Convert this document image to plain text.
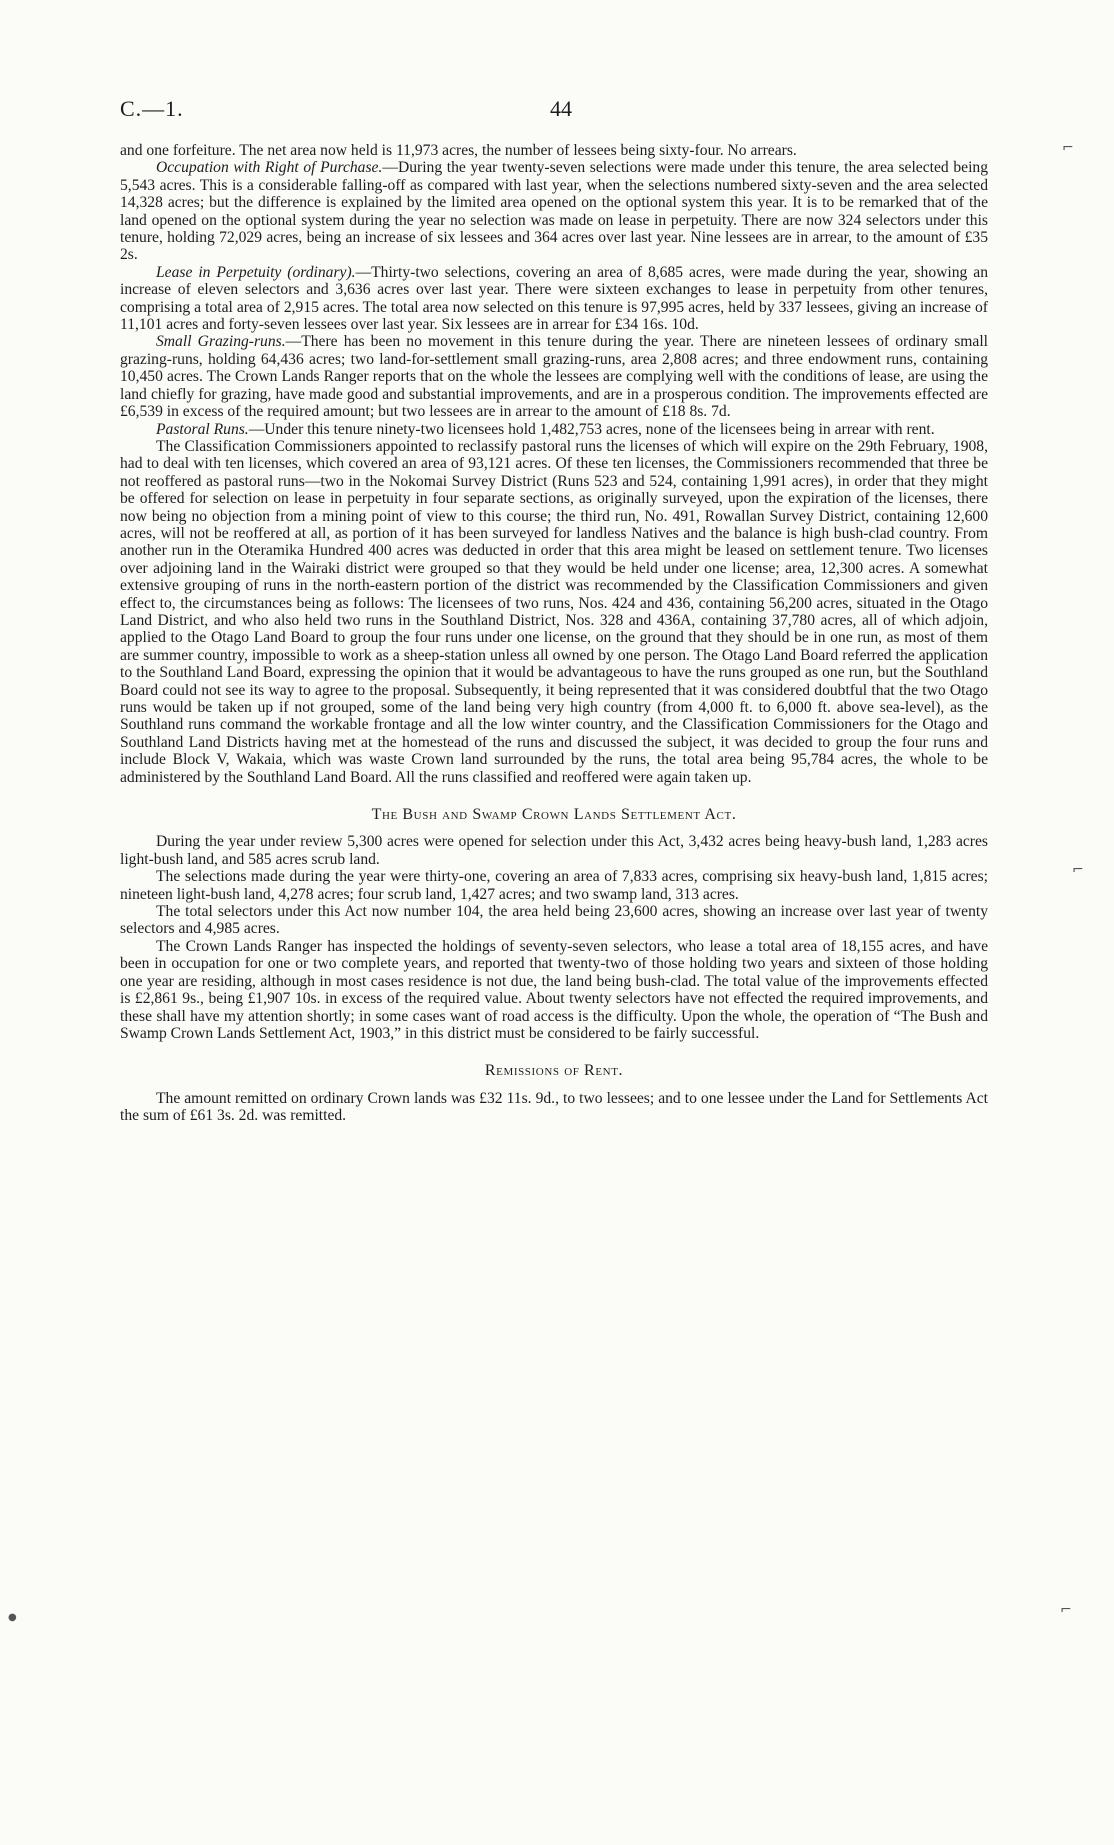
C.—1.	44

and one forfeiture. The net area now held is 11,973 acres, the number of lessees being sixty-four. No arrears.

Occupation with Right of Purchase.—During the year twenty-seven selections were made under this tenure, the area selected being 5,543 acres. This is a considerable falling-off as compared with last year, when the selections numbered sixty-seven and the area selected 14,328 acres; but the difference is explained by the limited area opened on the optional system this year. It is to be remarked that of the land opened on the optional system during the year no selection was made on lease in perpetuity. There are now 324 selectors under this tenure, holding 72,029 acres, being an increase of six lessees and 364 acres over last year. Nine lessees are in arrear, to the amount of £35 2s.

Lease in Perpetuity (ordinary).—Thirty-two selections, covering an area of 8,685 acres, were made during the year, showing an increase of eleven selectors and 3,636 acres over last year. There were sixteen exchanges to lease in perpetuity from other tenures, comprising a total area of 2,915 acres. The total area now selected on this tenure is 97,995 acres, held by 337 lessees, giving an increase of 11,101 acres and forty-seven lessees over last year. Six lessees are in arrear for £34 16s. 10d.

Small Grazing-runs.—There has been no movement in this tenure during the year. There are nineteen lessees of ordinary small grazing-runs, holding 64,436 acres; two land-for-settlement small grazing-runs, area 2,808 acres; and three endowment runs, containing 10,450 acres. The Crown Lands Ranger reports that on the whole the lessees are complying well with the conditions of lease, are using the land chiefly for grazing, have made good and substantial improvements, and are in a prosperous condition. The improvements effected are £6,539 in excess of the required amount; but two lessees are in arrear to the amount of £18 8s. 7d.

Pastoral Runs.—Under this tenure ninety-two licensees hold 1,482,753 acres, none of the licensees being in arrear with rent.

The Classification Commissioners appointed to reclassify pastoral runs the licenses of which will expire on the 29th February, 1908, had to deal with ten licenses, which covered an area of 93,121 acres. Of these ten licenses, the Commissioners recommended that three be not reoffered as pastoral runs—two in the Nokomai Survey District (Runs 523 and 524, containing 1,991 acres), in order that they might be offered for selection on lease in perpetuity in four separate sections, as originally surveyed, upon the expiration of the licenses, there now being no objection from a mining point of view to this course; the third run, No. 491, Rowallan Survey District, containing 12,600 acres, will not be reoffered at all, as portion of it has been surveyed for landless Natives and the balance is high bush-clad country. From another run in the Oteramika Hundred 400 acres was deducted in order that this area might be leased on settlement tenure. Two licenses over adjoining land in the Wairaki district were grouped so that they would be held under one license; area, 12,300 acres. A somewhat extensive grouping of runs in the north-eastern portion of the district was recommended by the Classification Commissioners and given effect to, the circumstances being as follows: The licensees of two runs, Nos. 424 and 436, containing 56,200 acres, situated in the Otago Land District, and who also held two runs in the Southland District, Nos. 328 and 436A, containing 37,780 acres, all of which adjoin, applied to the Otago Land Board to group the four runs under one license, on the ground that they should be in one run, as most of them are summer country, impossible to work as a sheep-station unless all owned by one person. The Otago Land Board referred the application to the Southland Land Board, expressing the opinion that it would be advantageous to have the runs grouped as one run, but the Southland Board could not see its way to agree to the proposal. Subsequently, it being represented that it was considered doubtful that the two Otago runs would be taken up if not grouped, some of the land being very high country (from 4,000 ft. to 6,000 ft. above sea-level), as the Southland runs command the workable frontage and all the low winter country, and the Classification Commissioners for the Otago and Southland Land Districts having met at the homestead of the runs and discussed the subject, it was decided to group the four runs and include Block V, Wakaia, which was waste Crown land surrounded by the runs, the total area being 95,784 acres, the whole to be administered by the Southland Land Board. All the runs classified and reoffered were again taken up.

The Bush and Swamp Crown Lands Settlement Act.

During the year under review 5,300 acres were opened for selection under this Act, 3,432 acres being heavy-bush land, 1,283 acres light-bush land, and 585 acres scrub land.

The selections made during the year were thirty-one, covering an area of 7,833 acres, comprising six heavy-bush land, 1,815 acres; nineteen light-bush land, 4,278 acres; four scrub land, 1,427 acres; and two swamp land, 313 acres.

The total selectors under this Act now number 104, the area held being 23,600 acres, showing an increase over last year of twenty selectors and 4,985 acres.

The Crown Lands Ranger has inspected the holdings of seventy-seven selectors, who lease a total area of 18,155 acres, and have been in occupation for one or two complete years, and reported that twenty-two of those holding two years and sixteen of those holding one year are residing, although in most cases residence is not due, the land being bush-clad. The total value of the improvements effected is £2,861 9s., being £1,907 10s. in excess of the required value. About twenty selectors have not effected the required improvements, and these shall have my attention shortly; in some cases want of road access is the difficulty. Upon the whole, the operation of “The Bush and Swamp Crown Lands Settlement Act, 1903,” in this district must be considered to be fairly successful.

Remissions of Rent.

The amount remitted on ordinary Crown lands was £32 11s. 9d., to two lessees; and to one lessee under the Land for Settlements Act the sum of £61 3s. 2d. was remitted.

⌐
⌐
⌐
●
